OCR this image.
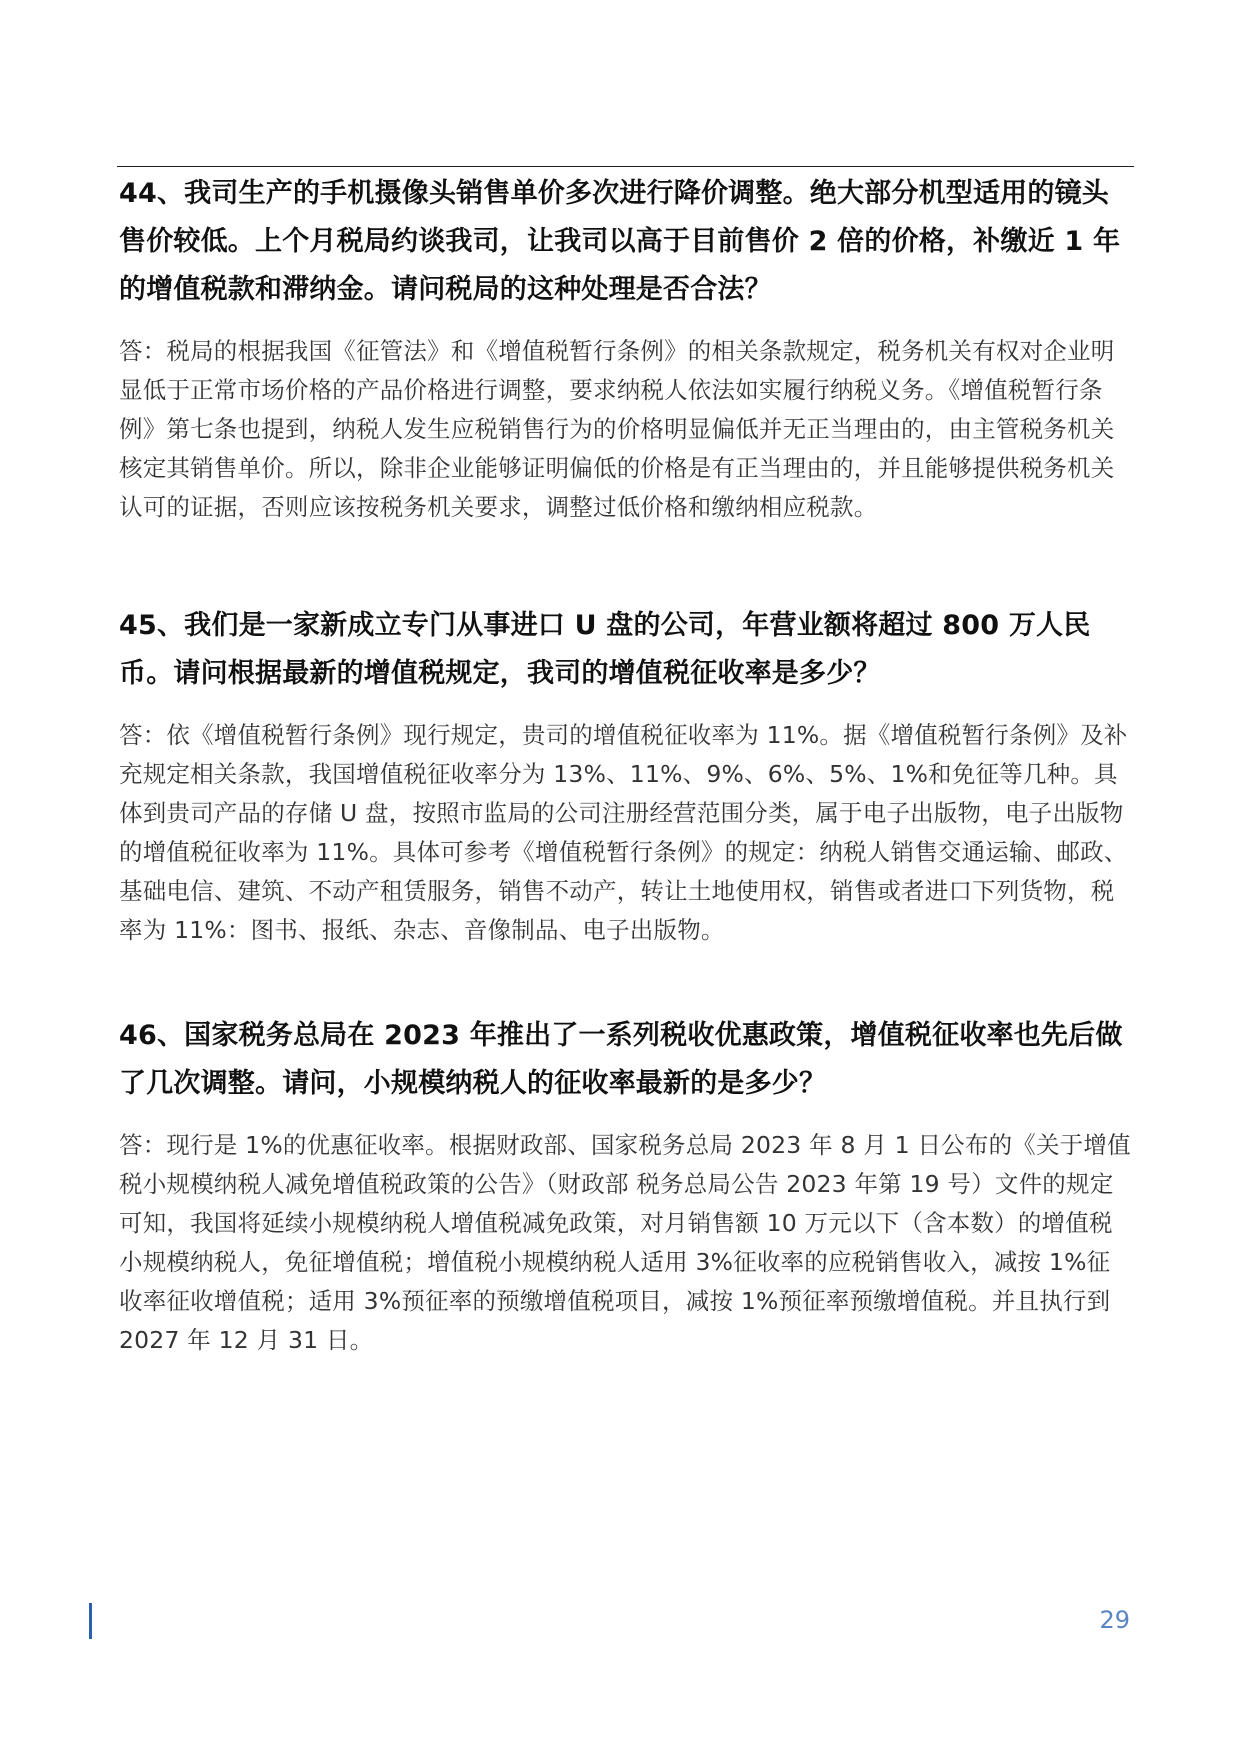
44、我司生产的手机摄像头销售单价多次进行降价调整。绝大部分机型适用的镜头售价较低。上个月税局约谈我司，让我司以高于目前售价 2 倍的价格，补缴近 1 年的增值税款和滞纳金。请问税局的这种处理是否合法？

答：税局的根据我国《征管法》和《增值税暂行条例》的相关条款规定，税务机关有权对企业明显低于正常市场价格的产品价格进行调整，要求纳税人依法如实履行纳税义务。《增值税暂行条例》第七条也提到，纳税人发生应税销售行为的价格明显偏低并无正当理由的，由主管税务机关核定其销售单价。所以，除非企业能够证明偏低的价格是有正当理由的，并且能够提供税务机关认可的证据，否则应该按税务机关要求，调整过低价格和缴纳相应税款。

45、我们是一家新成立专门从事进口 U 盘的公司，年营业额将超过 800 万人民币。请问根据最新的增值税规定，我司的增值税征收率是多少？

答：依《增值税暂行条例》现行规定，贵司的增值税征收率为 11%。据《增值税暂行条例》及补充规定相关条款，我国增值税征收率分为 13%、11%、9%、6%、5%、1%和免征等几种。具体到贵司产品的存储 U 盘，按照市监局的公司注册经营范围分类，属于电子出版物，电子出版物的增值税征收率为 11%。具体可参考《增值税暂行条例》的规定：纳税人销售交通运输、邮政、基础电信、建筑、不动产租赁服务，销售不动产，转让土地使用权，销售或者进口下列货物，税率为 11%：图书、报纸、杂志、音像制品、电子出版物。

46、国家税务总局在 2023 年推出了一系列税收优惠政策，增值税征收率也先后做了几次调整。请问，小规模纳税人的征收率最新的是多少？

答：现行是 1%的优惠征收率。根据财政部、国家税务总局 2023 年 8 月 1 日公布的《关于增值税小规模纳税人减免增值税政策的公告》（财政部 税务总局公告 2023 年第 19 号）文件的规定可知，我国将延续小规模纳税人增值税减免政策，对月销售额 10 万元以下（含本数）的增值税小规模纳税人，免征增值税；增值税小规模纳税人适用 3%征收率的应税销售收入，减按 1%征收率征收增值税；适用 3%预征率的预缴增值税项目，减按 1%预征率预缴增值税。并且执行到 2027 年 12 月 31 日。

29
